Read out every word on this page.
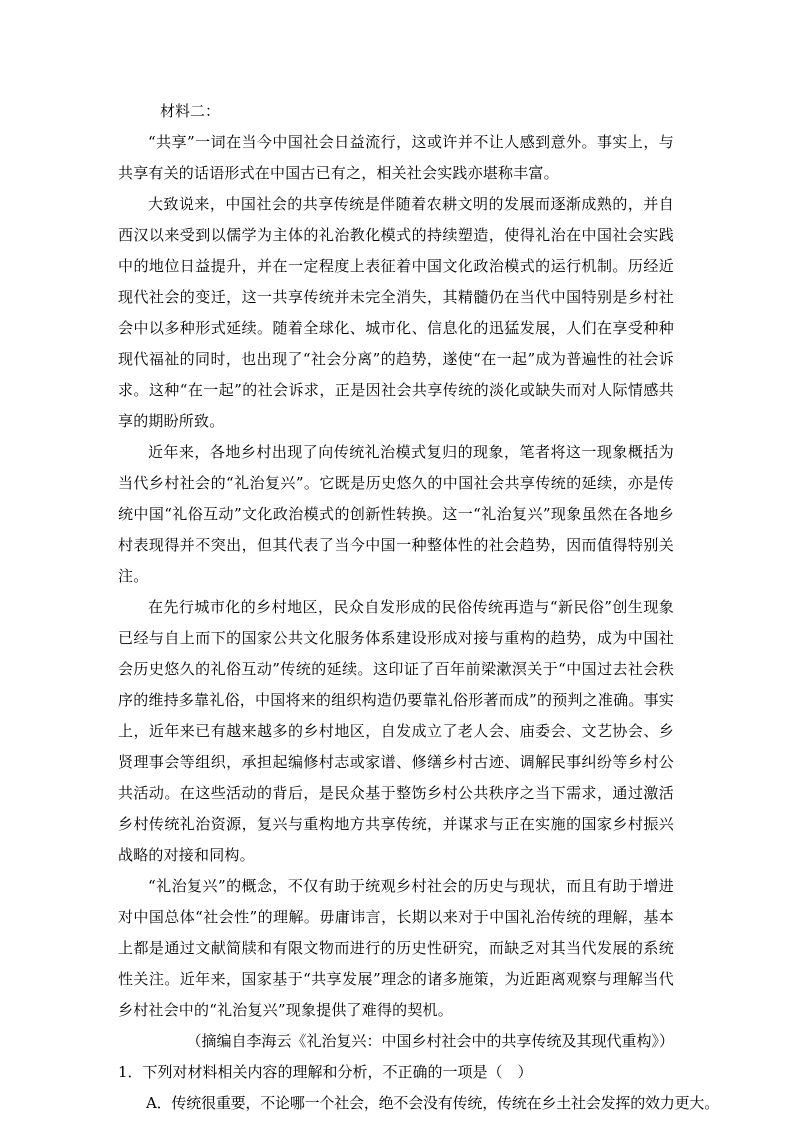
材料二：

“共享”一词在当今中国社会日益流行，这或许并不让人感到意外。事实上，与共享有关的话语形式在中国古已有之，相关社会实践亦堪称丰富。

大致说来，中国社会的共享传统是伴随着农耕文明的发展而逐渐成熟的，并自西汉以来受到以儒学为主体的礼治教化模式的持续塑造，使得礼治在中国社会实践中的地位日益提升，并在一定程度上表征着中国文化政治模式的运行机制。历经近现代社会的变迁，这一共享传统并未完全消失，其精髓仍在当代中国特别是乡村社会中以多种形式延续。随着全球化、城市化、信息化的迅猛发展，人们在享受种种现代福祉的同时，也出现了“社会分离”的趋势，遂使“在一起”成为普遍性的社会诉求。这种“在一起”的社会诉求，正是因社会共享传统的淡化或缺失而对人际情感共享的期盼所致。

近年来，各地乡村出现了向传统礼治模式复归的现象，笔者将这一现象概括为当代乡村社会的“礼治复兴”。它既是历史悠久的中国社会共享传统的延续，亦是传统中国“礼俗互动”文化政治模式的创新性转换。这一“礼治复兴”现象虽然在各地乡村表现得并不突出，但其代表了当今中国一种整体性的社会趋势，因而值得特别关注。

在先行城市化的乡村地区，民众自发形成的民俗传统再造与“新民俗”创生现象已经与自上而下的国家公共文化服务体系建设形成对接与重构的趋势，成为中国社会历史悠久的礼俗互动”传统的延续。这印证了百年前梁漱溟关于“中国过去社会秩序的维持多靠礼俗，中国将来的组织构造仍要靠礼俗形著而成”的预判之准确。事实上，近年来已有越来越多的乡村地区，自发成立了老人会、庙委会、文艺协会、乡贤理事会等组织，承担起编修村志或家谱、修缮乡村古迹、调解民事纠纷等乡村公共活动。在这些活动的背后，是民众基于整饬乡村公共秩序之当下需求，通过激活乡村传统礼治资源，复兴与重构地方共享传统，并谋求与正在实施的国家乡村振兴战略的对接和同构。

“礼治复兴”的概念，不仅有助于统观乡村社会的历史与现状，而且有助于增进对中国总体“社会性”的理解。毋庸讳言，长期以来对于中国礼治传统的理解，基本上都是通过文献简牍和有限文物而进行的历史性研究，而缺乏对其当代发展的系统性关注。近年来，国家基于“共享发展”理念的诸多施策，为近距离观察与理解当代乡村社会中的“礼治复兴”现象提供了难得的契机。

（摘编自李海云《礼治复兴：中国乡村社会中的共享传统及其现代重构》）

1．下列对材料相关内容的理解和分析，不正确的一项是（　）

A．传统很重要，不论哪一个社会，绝不会没有传统，传统在乡土社会发挥的效力更大。
